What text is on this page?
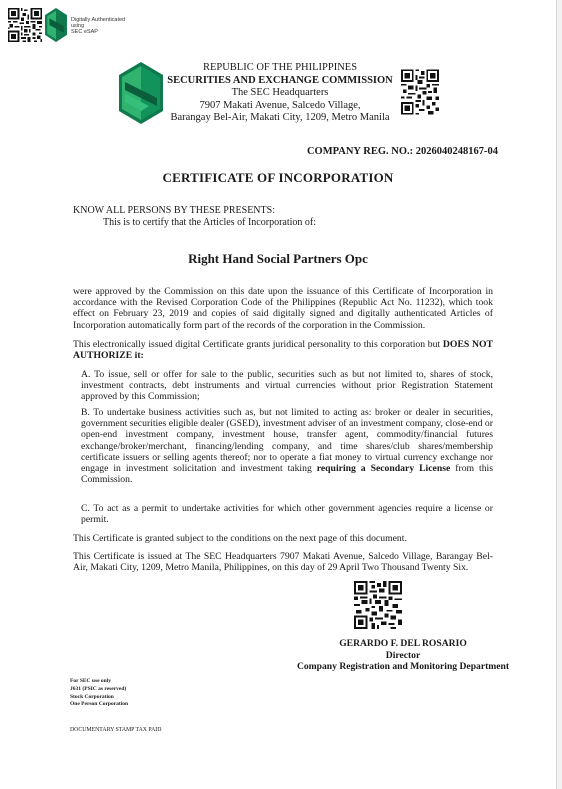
Digitally Authenticated
using
SEC eSAP
REPUBLIC OF THE PHILIPPINES
SECURITIES AND EXCHANGE COMMISSION
The SEC Headquarters
7907 Makati Avenue, Salcedo Village,
Barangay Bel-Air, Makati City, 1209, Metro Manila
COMPANY REG. NO.: 2026040248167-04
CERTIFICATE OF INCORPORATION
KNOW ALL PERSONS BY THESE PRESENTS:
This is to certify that the Articles of Incorporation of:
Right Hand Social Partners Opc
were approved by the Commission on this date upon the issuance of this Certificate of Incorporation in accordance with the Revised Corporation Code of the Philippines (Republic Act No. 11232), which took effect on February 23, 2019 and copies of said digitally signed and digitally authenticated Articles of Incorporation automatically form part of the records of the corporation in the Commission.
This electronically issued digital Certificate grants juridical personality to this corporation but DOES NOT AUTHORIZE it:
A. To issue, sell or offer for sale to the public, securities such as but not limited to, shares of stock, investment contracts, debt instruments and virtual currencies without prior Registration Statement approved by this Commission;
B. To undertake business activities such as, but not limited to acting as: broker or dealer in securities, government securities eligible dealer (GSED), investment adviser of an investment company, close-end or open-end investment company, investment house, transfer agent, commodity/financial futures exchange/broker/merchant, financing/lending company, and time shares/club shares/membership certificate issuers or selling agents thereof; nor to operate a fiat money to virtual currency exchange nor engage in investment solicitation and investment taking requiring a Secondary License from this Commission.
C. To act as a permit to undertake activities for which other government agencies require a license or permit.
This Certificate is granted subject to the conditions on the next page of this document.
This Certificate is issued at The SEC Headquarters 7907 Makati Avenue, Salcedo Village, Barangay Bel-Air, Makati City, 1209, Metro Manila, Philippines, on this day of 29 April Two Thousand Twenty Six.
GERARDO F. DEL ROSARIO
Director
Company Registration and Monitoring Department
For SEC use only
J631 (PSIC as reserved)
Stock Corporation
One Person Corporation
DOCUMENTARY STAMP TAX PAID
